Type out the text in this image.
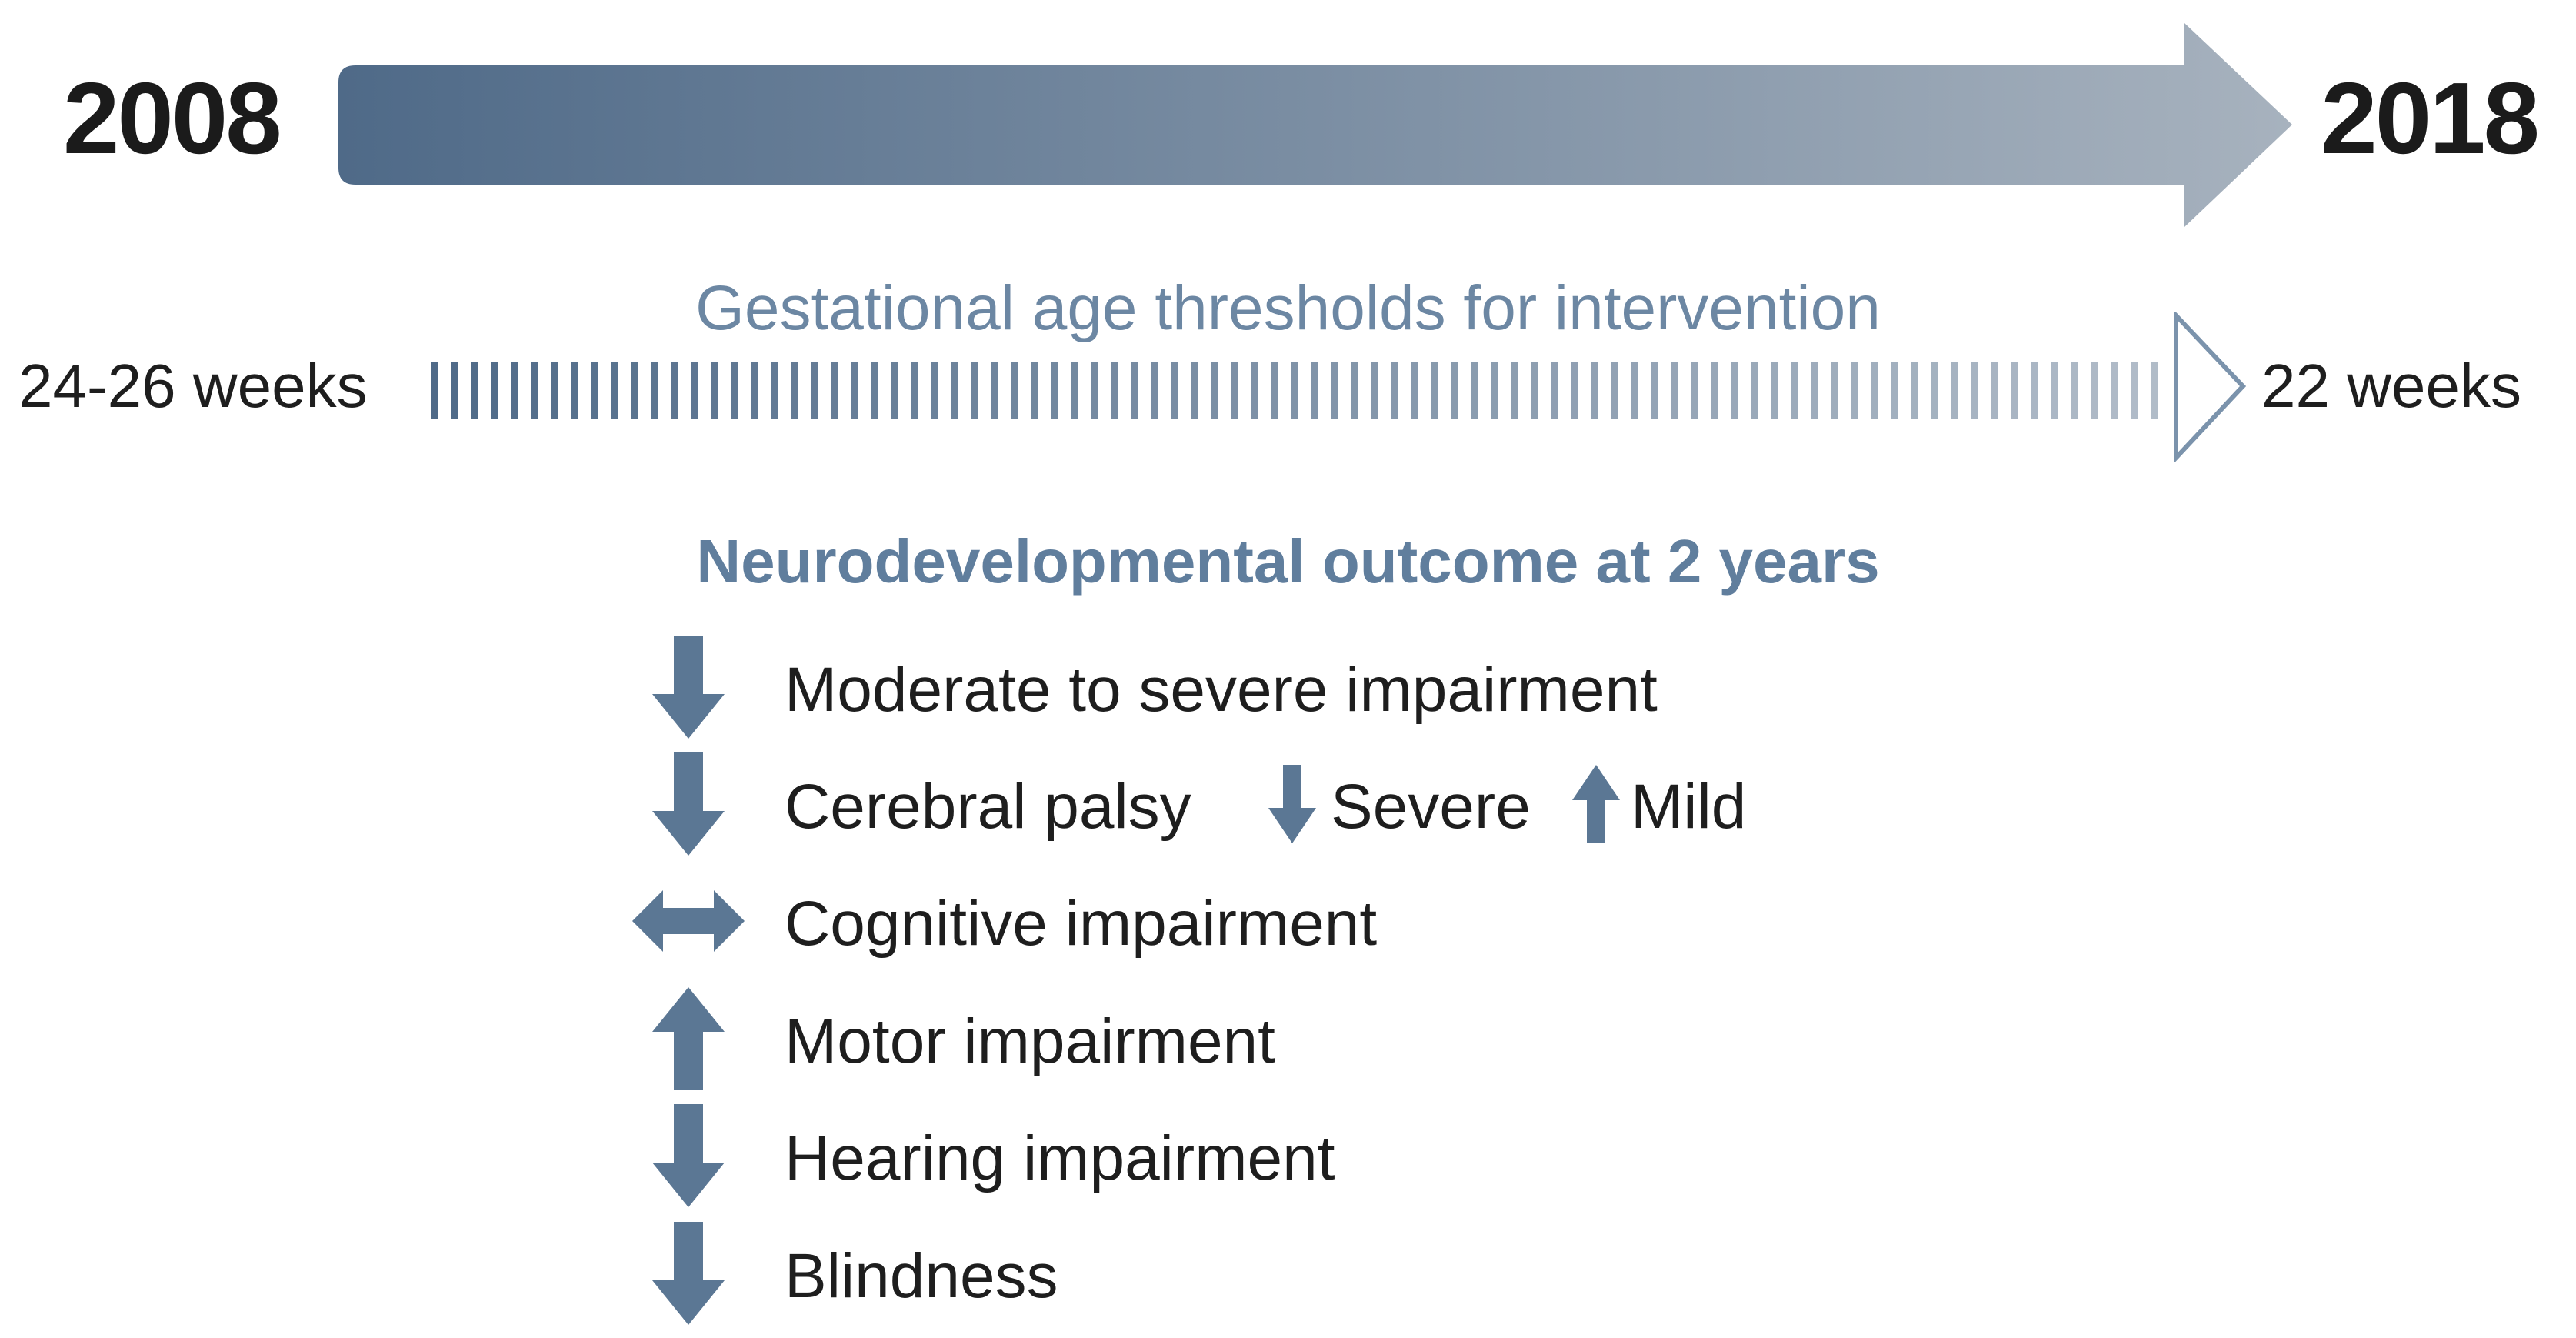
2008	2018
Gestational age thresholds for intervention
24-26 weeks	22 weeks
Neurodevelopmental outcome at 2 years
Moderate to severe impairment
Cerebral palsy Severe Mild
Cognitive impairment
Motor impairment
Hearing impairment
Blindness
